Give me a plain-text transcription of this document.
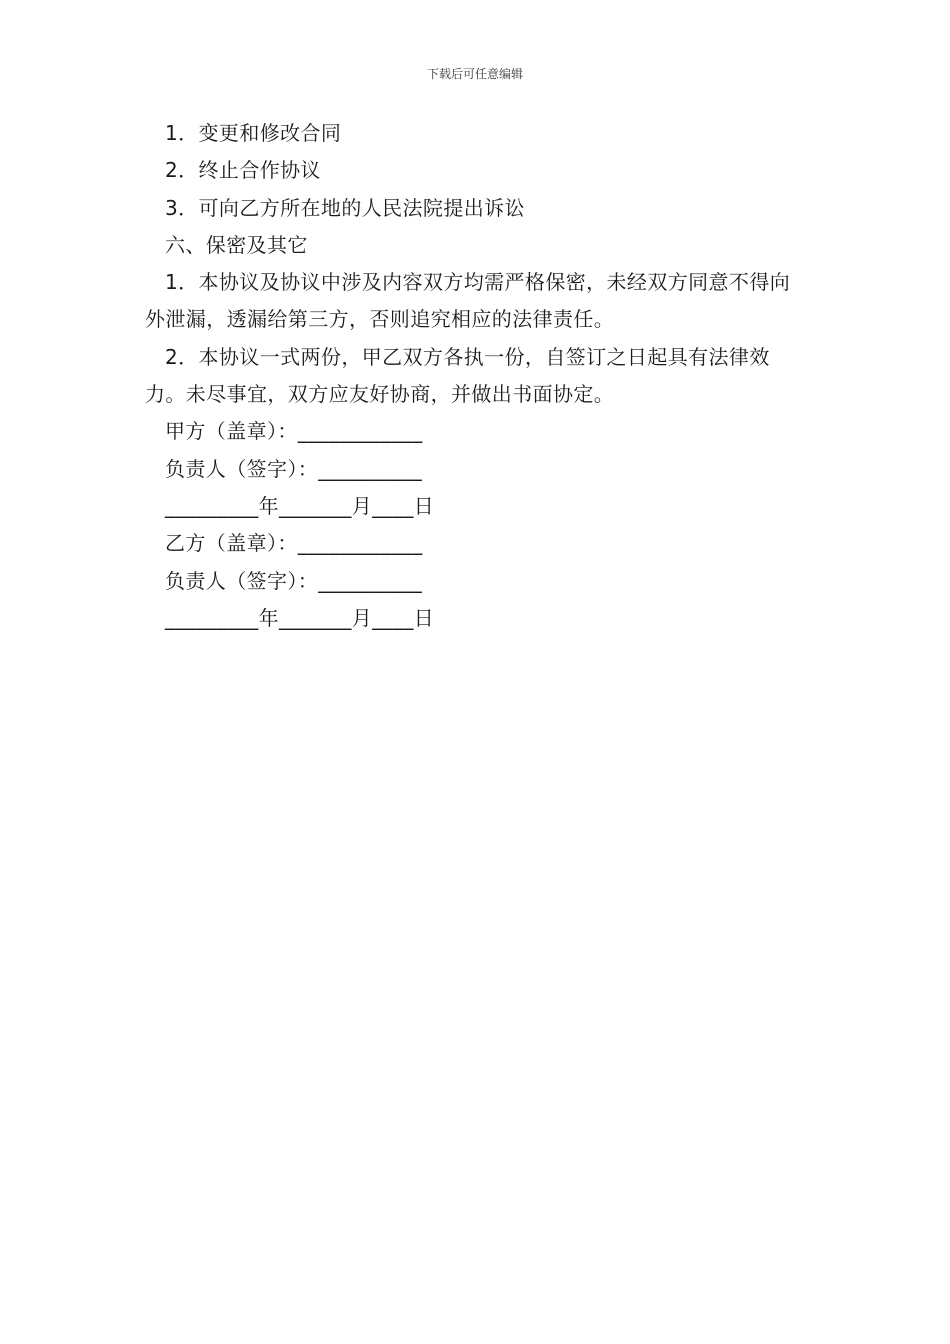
下载后可任意编辑
1．变更和修改合同
2．终止合作协议
3．可向乙方所在地的人民法院提出诉讼
六、保密及其它
1．本协议及协议中涉及内容双方均需严格保密，未经双方同意不得向外泄漏，透漏给第三方，否则追究相应的法律责任。
2．本协议一式两份，甲乙双方各执一份，自签订之日起具有法律效力。未尽事宜，双方应友好协商，并做出书面协定。
甲方（盖章）：____________
负责人（签字）：__________
_________年_______月____日
乙方（盖章）：____________
负责人（签字）：__________
_________年_______月____日
